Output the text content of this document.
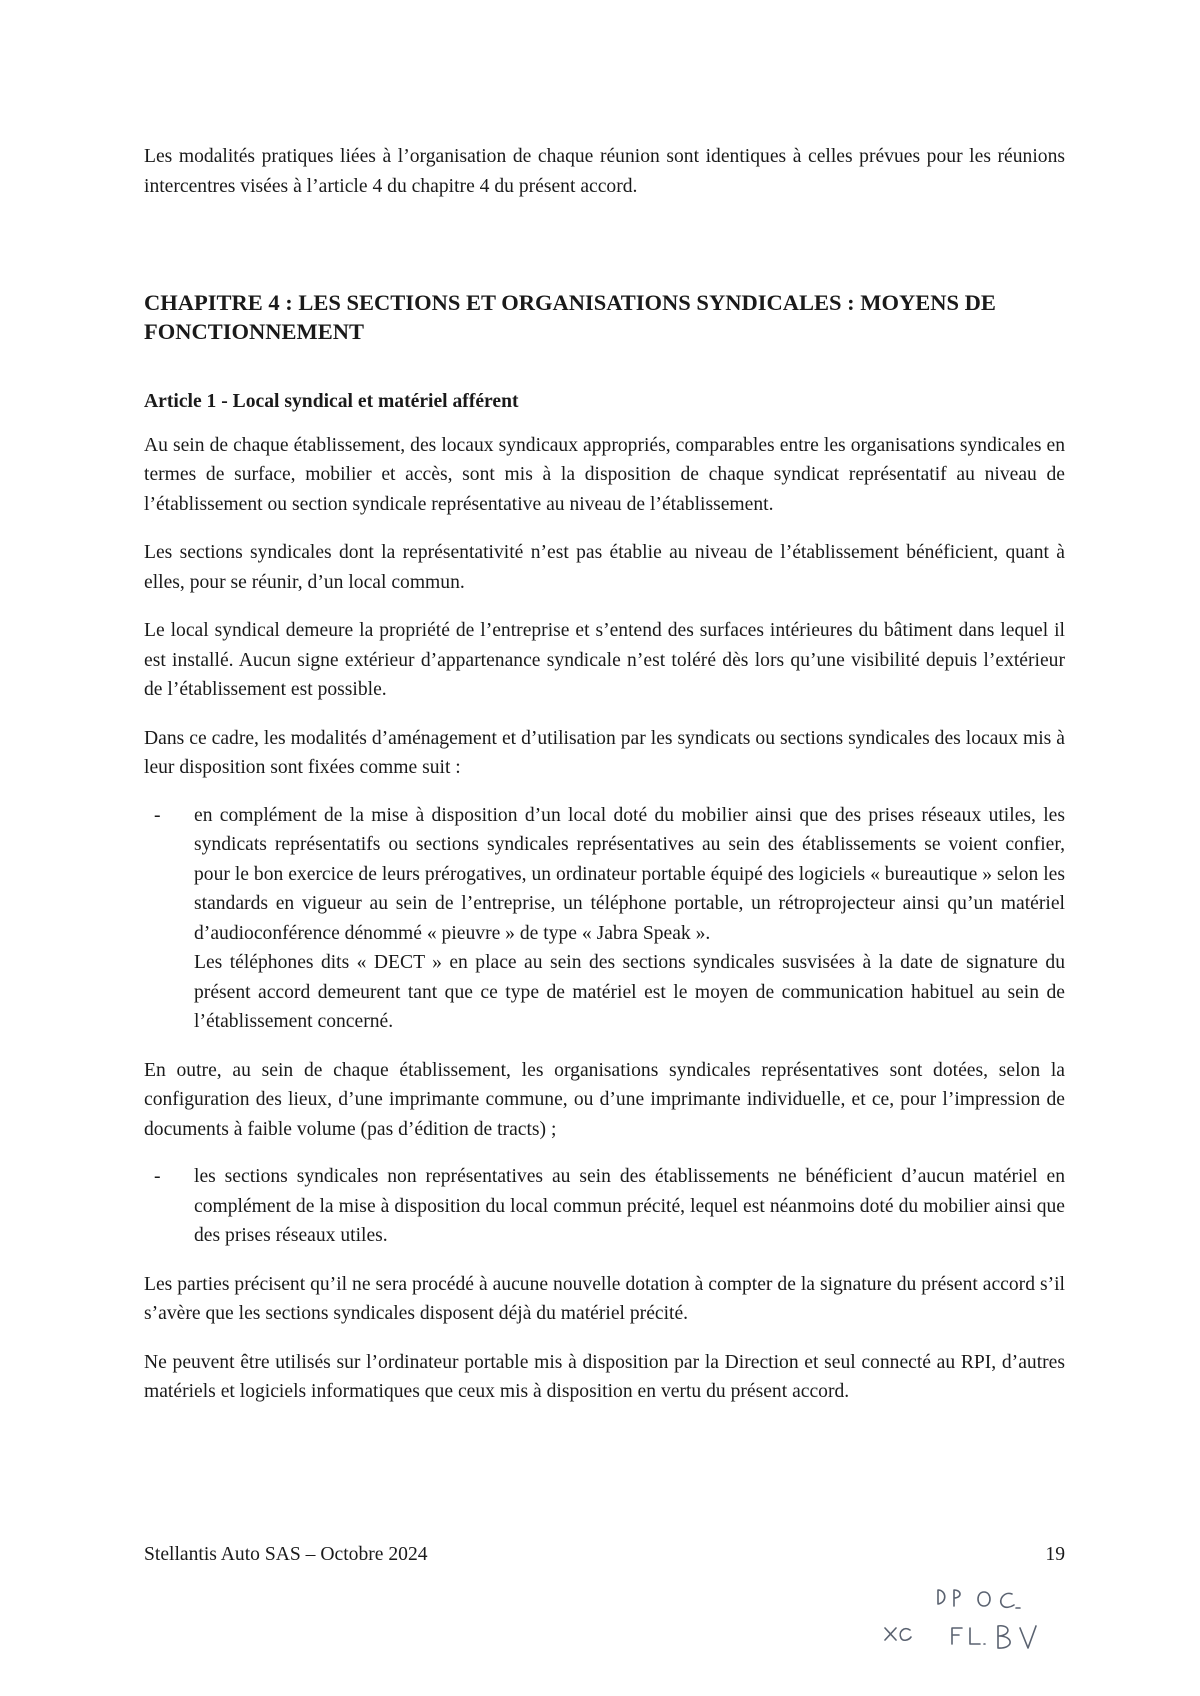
Les modalités pratiques liées à l’organisation de chaque réunion sont identiques à celles prévues pour les réunions intercentres visées à l’article 4 du chapitre 4 du présent accord.

CHAPITRE 4 : LES SECTIONS ET ORGANISATIONS SYNDICALES : MOYENS DE FONCTIONNEMENT
Article 1 - Local syndical et matériel afférent

Au sein de chaque établissement, des locaux syndicaux appropriés, comparables entre les organisations syndicales en termes de surface, mobilier et accès, sont mis à la disposition de chaque syndicat représentatif au niveau de l’établissement ou section syndicale représentative au niveau de l’établissement.

Les sections syndicales dont la représentativité n’est pas établie au niveau de l’établissement bénéficient, quant à elles, pour se réunir, d’un local commun.

Le local syndical demeure la propriété de l’entreprise et s’entend des surfaces intérieures du bâtiment dans lequel il est installé. Aucun signe extérieur d’appartenance syndicale n’est toléré dès lors qu’une visibilité depuis l’extérieur de l’établissement est possible.

Dans ce cadre, les modalités d’aménagement et d’utilisation par les syndicats ou sections syndicales des locaux mis à leur disposition sont fixées comme suit :

- en complément de la mise à disposition d’un local doté du mobilier ainsi que des prises réseaux utiles, les syndicats représentatifs ou sections syndicales représentatives au sein des établissements se voient confier, pour le bon exercice de leurs prérogatives, un ordinateur portable équipé des logiciels « bureautique » selon les standards en vigueur au sein de l’entreprise, un téléphone portable, un rétroprojecteur ainsi qu’un matériel d’audioconférence dénommé « pieuvre » de type « Jabra Speak ».

Les téléphones dits « DECT » en place au sein des sections syndicales susvisées à la date de signature du présent accord demeurent tant que ce type de matériel est le moyen de communication habituel au sein de l’établissement concerné.

En outre, au sein de chaque établissement, les organisations syndicales représentatives sont dotées, selon la configuration des lieux, d’une imprimante commune, ou d’une imprimante individuelle, et ce, pour l’impression de documents à faible volume (pas d’édition de tracts) ;

- les sections syndicales non représentatives au sein des établissements ne bénéficient d’aucun matériel en complément de la mise à disposition du local commun précité, lequel est néanmoins doté du mobilier ainsi que des prises réseaux utiles.

Les parties précisent qu’il ne sera procédé à aucune nouvelle dotation à compter de la signature du présent accord s’il s’avère que les sections syndicales disposent déjà du matériel précité.

Ne peuvent être utilisés sur l’ordinateur portable mis à disposition par la Direction et seul connecté au RPI, d’autres matériels et logiciels informatiques que ceux mis à disposition en vertu du présent accord.

Stellantis Auto SAS – Octobre 2024	19
